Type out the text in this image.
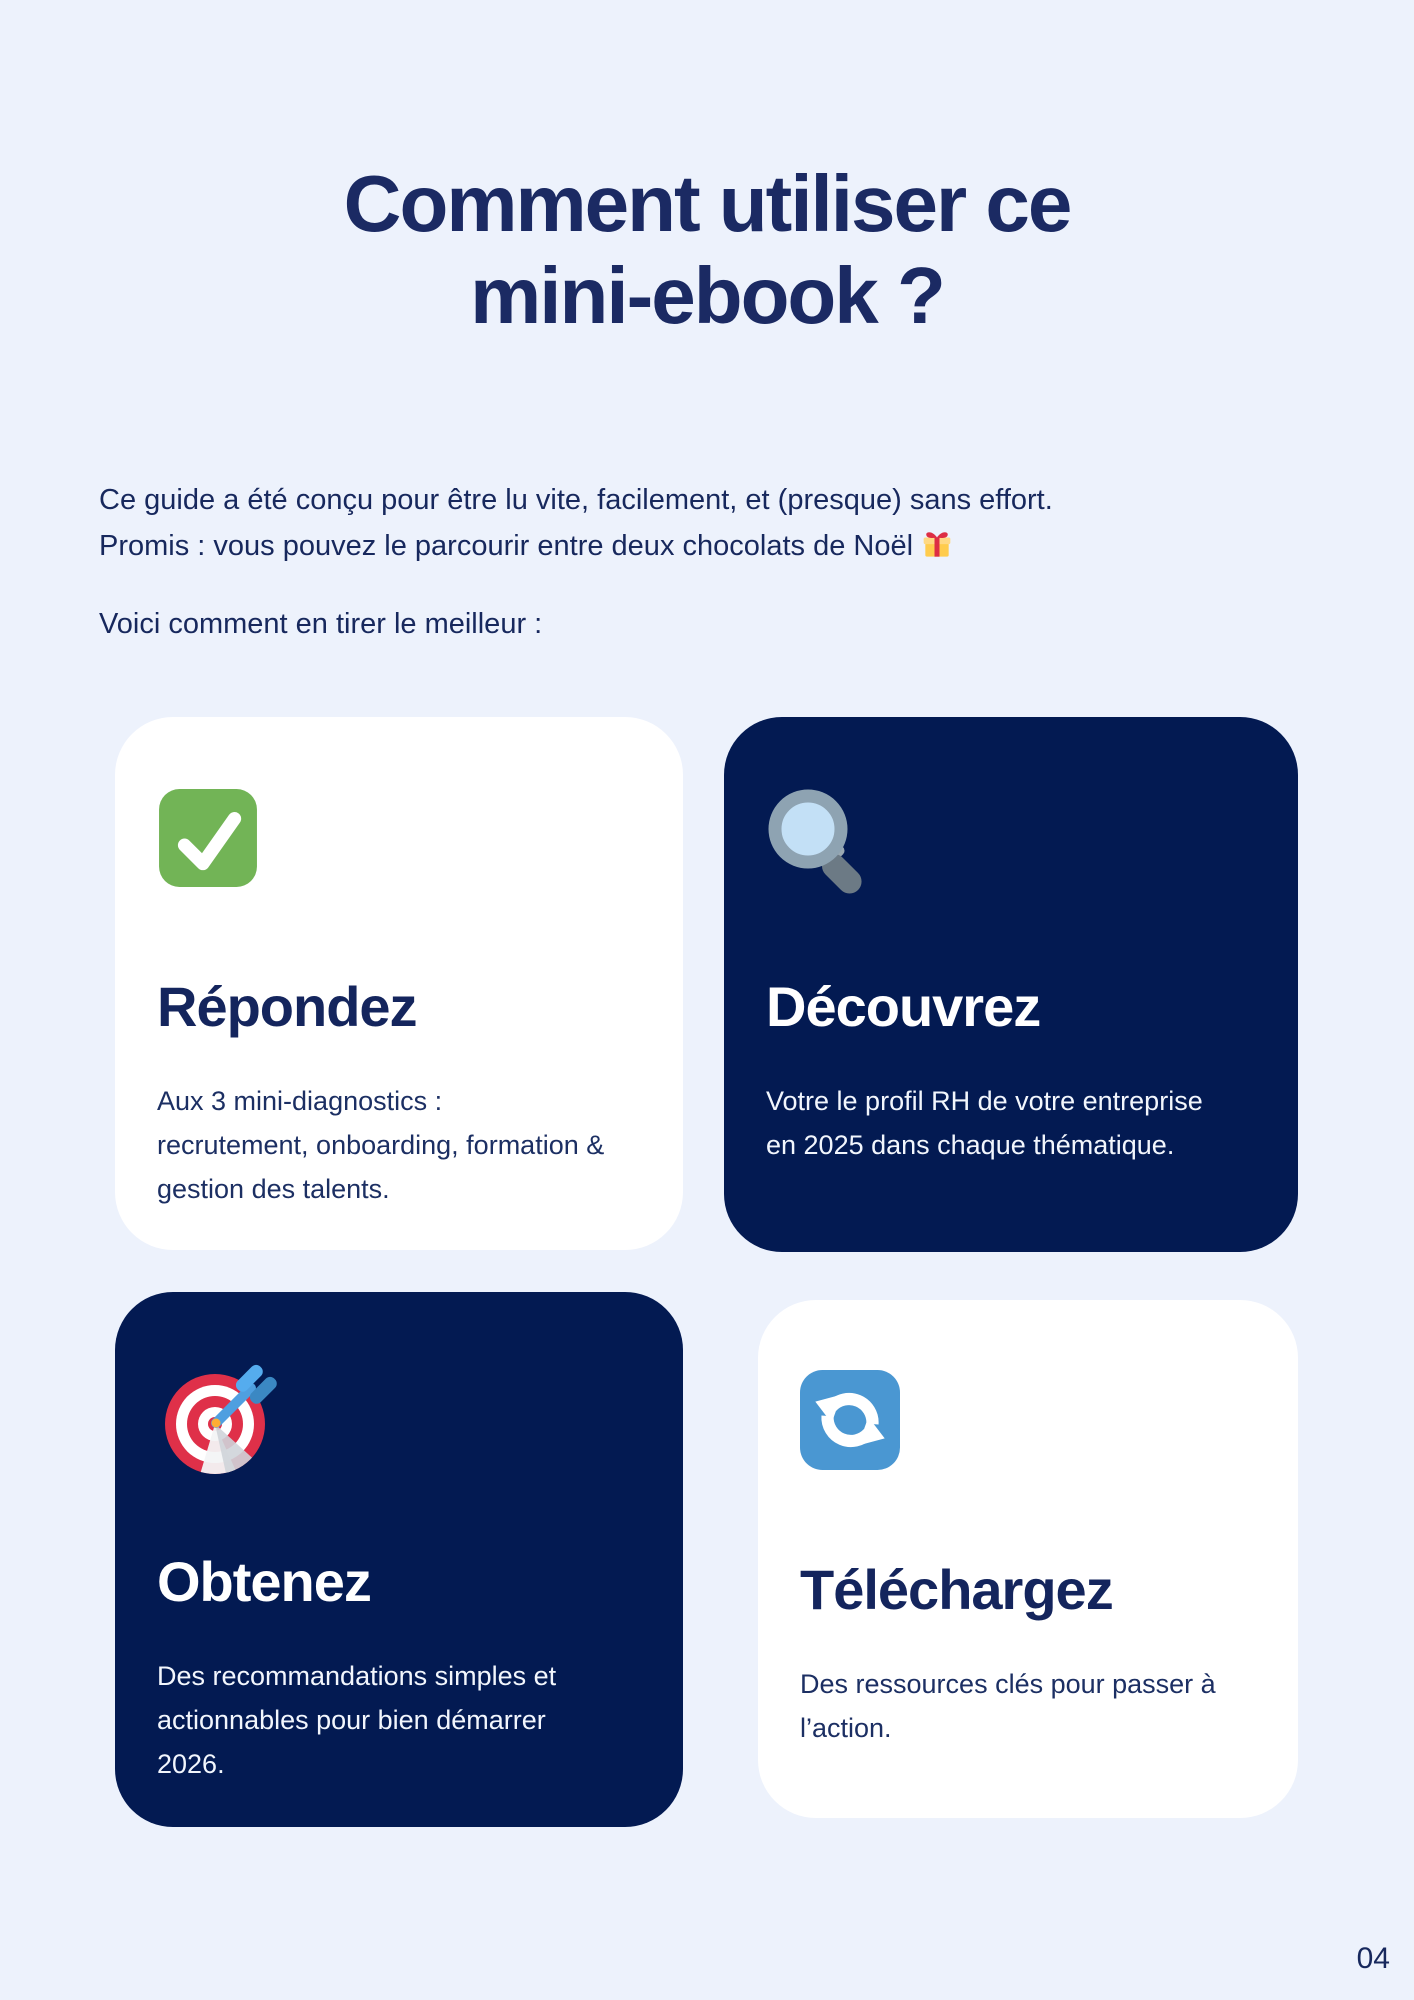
Comment utiliser ce
mini-ebook ?
Ce guide a été conçu pour être lu vite, facilement, et (presque) sans effort.
Promis : vous pouvez le parcourir entre deux chocolats de Noël
Voici comment en tirer le meilleur :
Répondez
Aux 3 mini-diagnostics :
recrutement, onboarding, formation &
gestion des talents.
Découvrez
Votre le profil RH de votre entreprise
en 2025 dans chaque thématique.
Obtenez
Des recommandations simples et
actionnables pour bien démarrer
2026.
Téléchargez
Des ressources clés pour passer à
l’action.
04
